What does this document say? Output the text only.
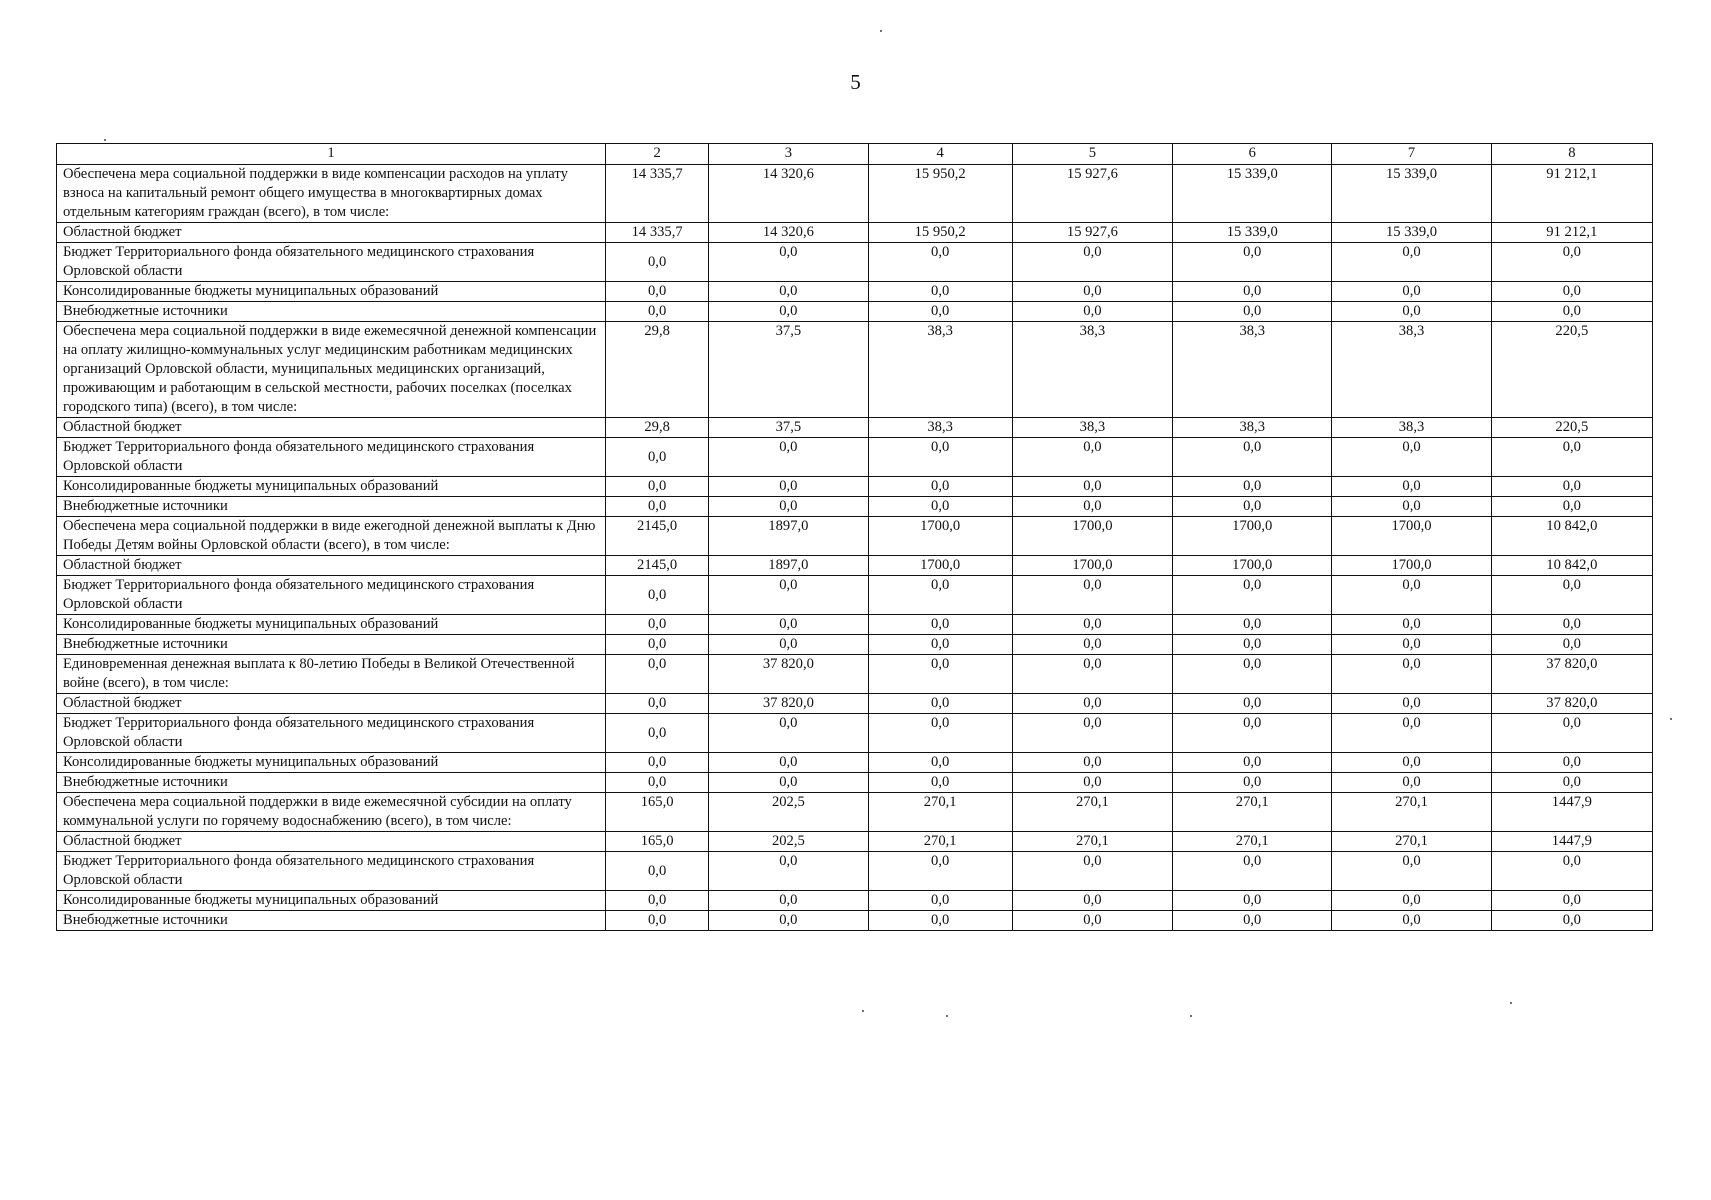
5
1	2	3	4	5	6	7	8
Обеспечена мера социальной поддержки в виде компенсации расходов на уплату взноса на капитальный ремонт общего имущества в многоквартирных домах отдельным категориям граждан (всего), в том числе:	14 335,7	14 320,6	15 950,2	15 927,6	15 339,0	15 339,0	91 212,1
Областной бюджет	14 335,7	14 320,6	15 950,2	15 927,6	15 339,0	15 339,0	91 212,1
Бюджет Территориального фонда обязательного медицинского страхования Орловской области	0,0	0,0	0,0	0,0	0,0	0,0	0,0
Консолидированные бюджеты муниципальных образований	0,0	0,0	0,0	0,0	0,0	0,0	0,0
Внебюджетные источники	0,0	0,0	0,0	0,0	0,0	0,0	0,0
Обеспечена мера социальной поддержки в виде ежемесячной денежной компенсации на оплату жилищно-коммунальных услуг медицинским работникам медицинских организаций Орловской области, муниципальных медицинских организаций, проживающим и работающим в сельской местности, рабочих поселках (поселках городского типа) (всего), в том числе:	29,8	37,5	38,3	38,3	38,3	38,3	220,5
Областной бюджет	29,8	37,5	38,3	38,3	38,3	38,3	220,5
Бюджет Территориального фонда обязательного медицинского страхования Орловской области	0,0	0,0	0,0	0,0	0,0	0,0	0,0
Консолидированные бюджеты муниципальных образований	0,0	0,0	0,0	0,0	0,0	0,0	0,0
Внебюджетные источники	0,0	0,0	0,0	0,0	0,0	0,0	0,0
Обеспечена мера социальной поддержки в виде ежегодной денежной выплаты к Дню Победы Детям войны Орловской области (всего), в том числе:	2145,0	1897,0	1700,0	1700,0	1700,0	1700,0	10 842,0
Областной бюджет	2145,0	1897,0	1700,0	1700,0	1700,0	1700,0	10 842,0
Бюджет Территориального фонда обязательного медицинского страхования Орловской области	0,0	0,0	0,0	0,0	0,0	0,0	0,0
Консолидированные бюджеты муниципальных образований	0,0	0,0	0,0	0,0	0,0	0,0	0,0
Внебюджетные источники	0,0	0,0	0,0	0,0	0,0	0,0	0,0
Единовременная денежная выплата к 80-летию Победы в Великой Отечественной войне (всего), в том числе:	0,0	37 820,0	0,0	0,0	0,0	0,0	37 820,0
Областной бюджет	0,0	37 820,0	0,0	0,0	0,0	0,0	37 820,0
Бюджет Территориального фонда обязательного медицинского страхования Орловской области	0,0	0,0	0,0	0,0	0,0	0,0	0,0
Консолидированные бюджеты муниципальных образований	0,0	0,0	0,0	0,0	0,0	0,0	0,0
Внебюджетные источники	0,0	0,0	0,0	0,0	0,0	0,0	0,0
Обеспечена мера социальной поддержки в виде ежемесячной субсидии на оплату коммунальной услуги по горячему водоснабжению (всего), в том числе:	165,0	202,5	270,1	270,1	270,1	270,1	1447,9
Областной бюджет	165,0	202,5	270,1	270,1	270,1	270,1	1447,9
Бюджет Территориального фонда обязательного медицинского страхования Орловской области	0,0	0,0	0,0	0,0	0,0	0,0	0,0
Консолидированные бюджеты муниципальных образований	0,0	0,0	0,0	0,0	0,0	0,0	0,0
Внебюджетные источники	0,0	0,0	0,0	0,0	0,0	0,0	0,0
